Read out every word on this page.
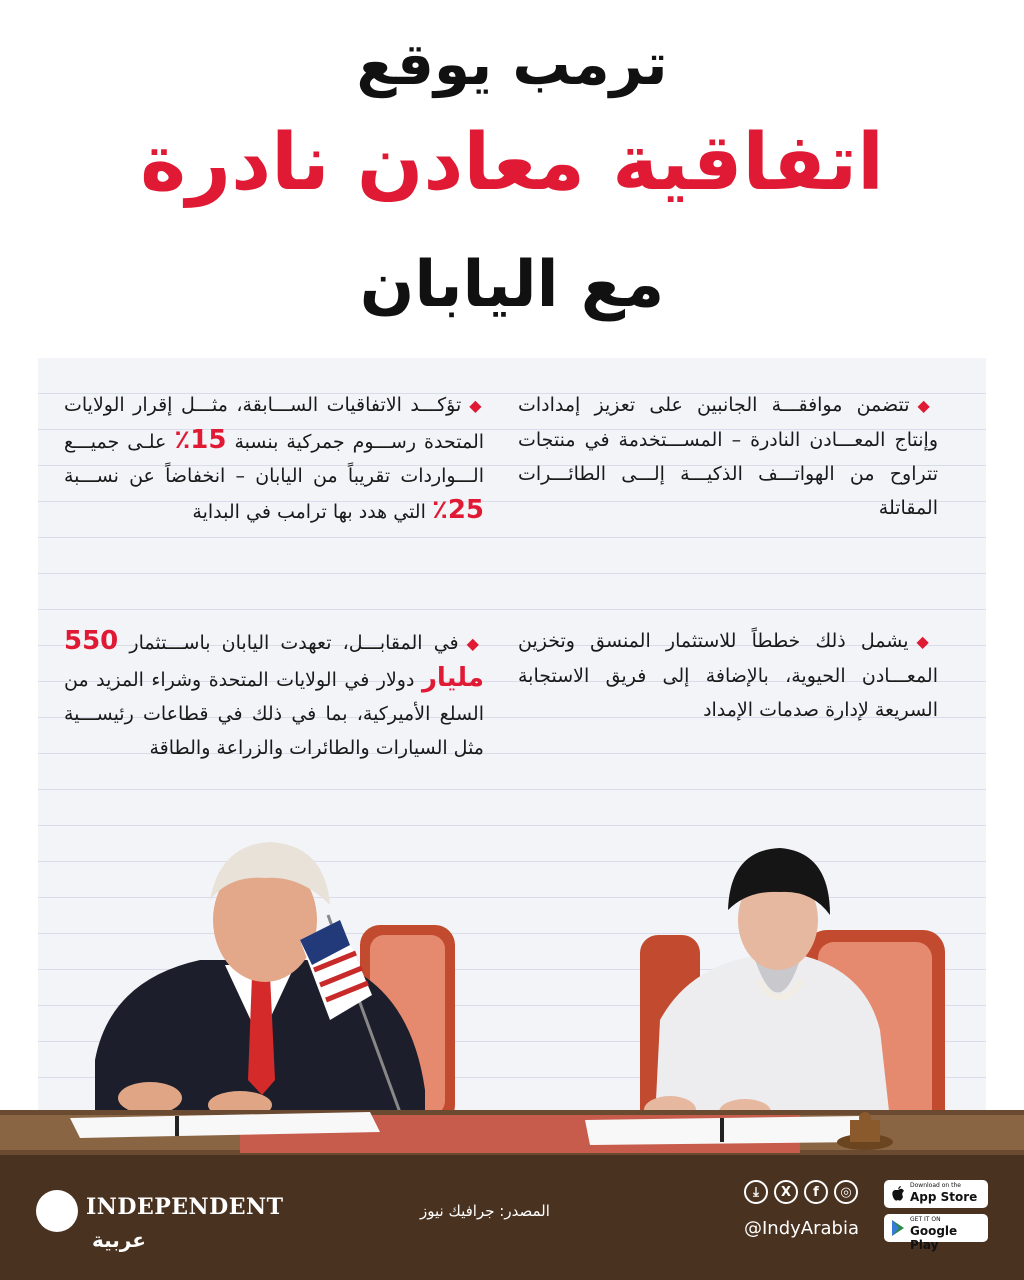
ترمب يوقع
اتفاقية معادن نادرة
مع اليابان

◆تتضمن موافقـــة الجانبين على تعزيز إمدادات وإنتاج المعـــادن النادرة – المســـتخدمة في منتجات تتراوح من الهواتـــف الذكيـــة إلـــى الطائـــرات المقاتلة

◆تؤكـــد الاتفاقيات الســـابقة، مثـــل إقرار الولايات المتحدة رســـوم جمركية بنسبة 15٪ علـى جميـــع الـــواردات تقريباً من اليابان – انخفاضاً عن نســـبة 25٪ التي هدد بها ترامب في البداية

◆يشمل ذلك خططاً للاستثمار المنسق وتخزين المعـــادن الحيوية، بالإضافة إلى فريق الاستجابة السريعة لإدارة صدمات الإمداد

◆في المقابـــل، تعهدت اليابان باســـتثمار 550 مليار دولار في الولايات المتحدة وشراء المزيد من السلع الأميركية، بما في ذلك في قطاعات رئيســـية مثل السيارات والطائرات والزراعة والطاقة

INDEPENDENT
عربية
المصدر: جرافيك نيوز
⤓	X	f	◎
@IndyArabia
Download on the
App Store
GET IT ON
Google Play
